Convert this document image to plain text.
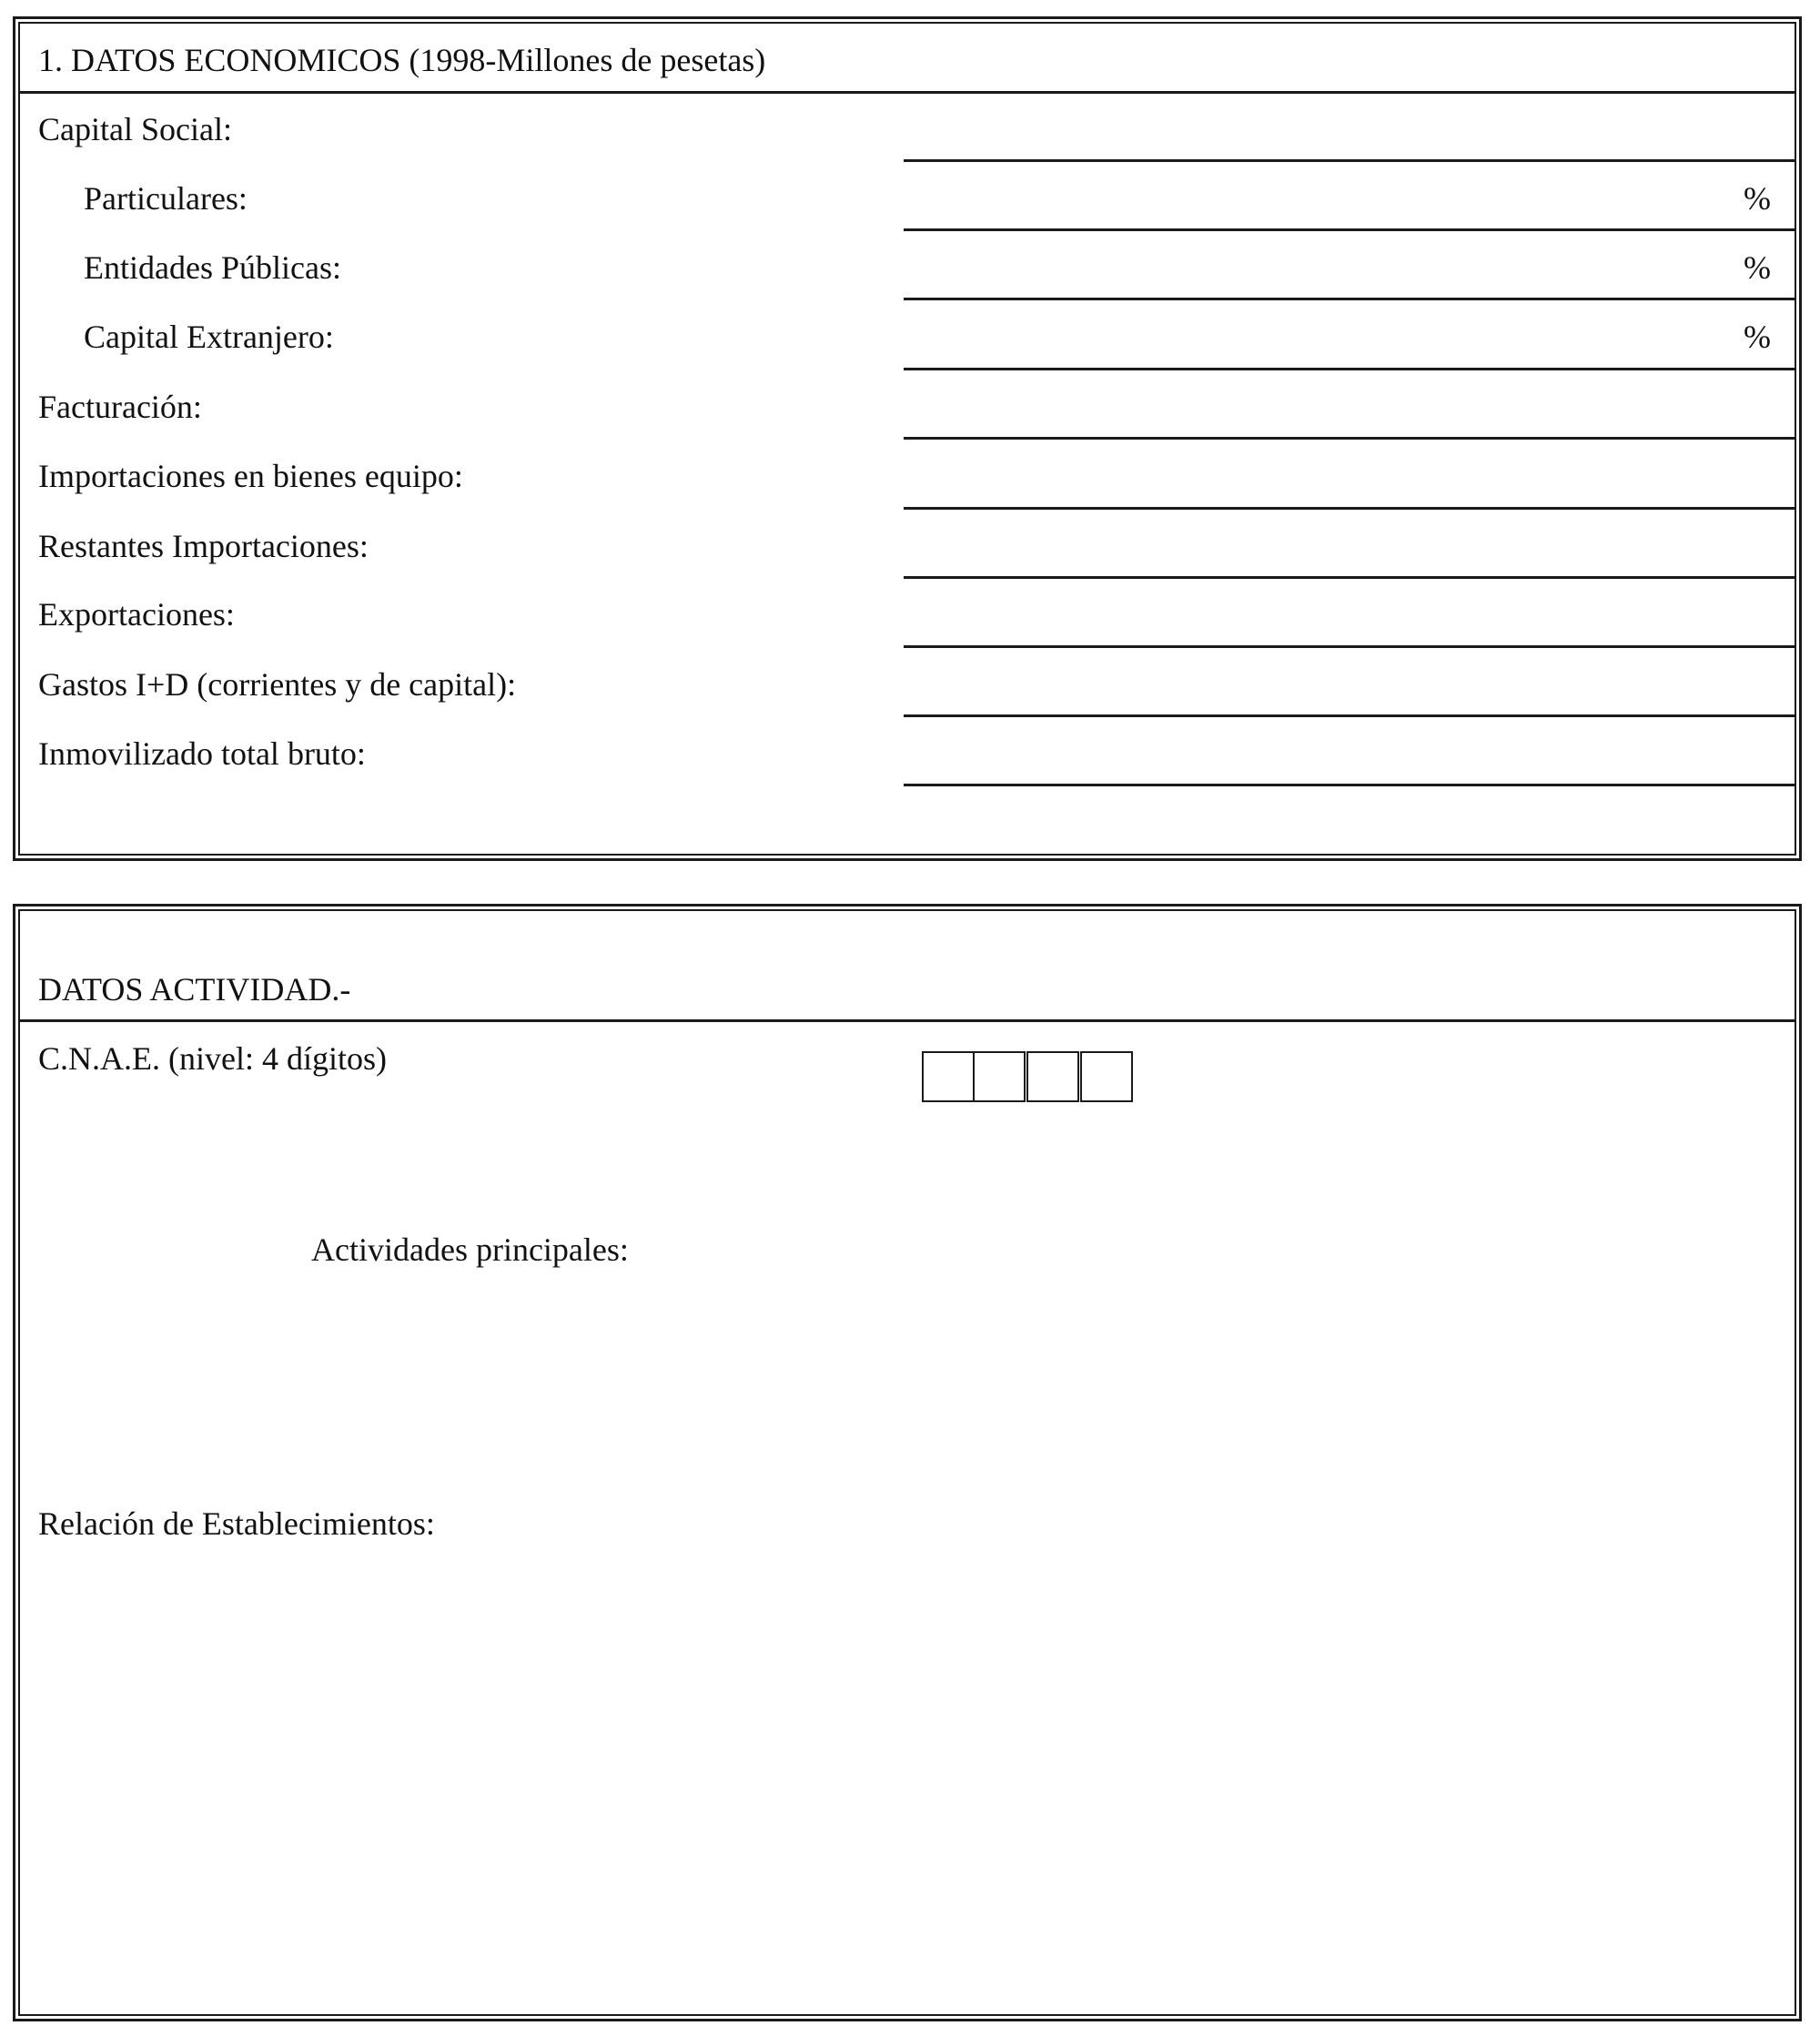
1. DATOS ECONOMICOS (1998-Millones de pesetas)
Capital Social:
Particulares:	%
Entidades Públicas:	%
Capital Extranjero:	%
Facturación:
Importaciones en bienes equipo:
Restantes Importaciones:
Exportaciones:
Gastos I+D (corrientes y de capital):
Inmovilizado total bruto:
DATOS ACTIVIDAD.-
C.N.A.E. (nivel: 4 dígitos)
Actividades principales:
Relación de Establecimientos:
